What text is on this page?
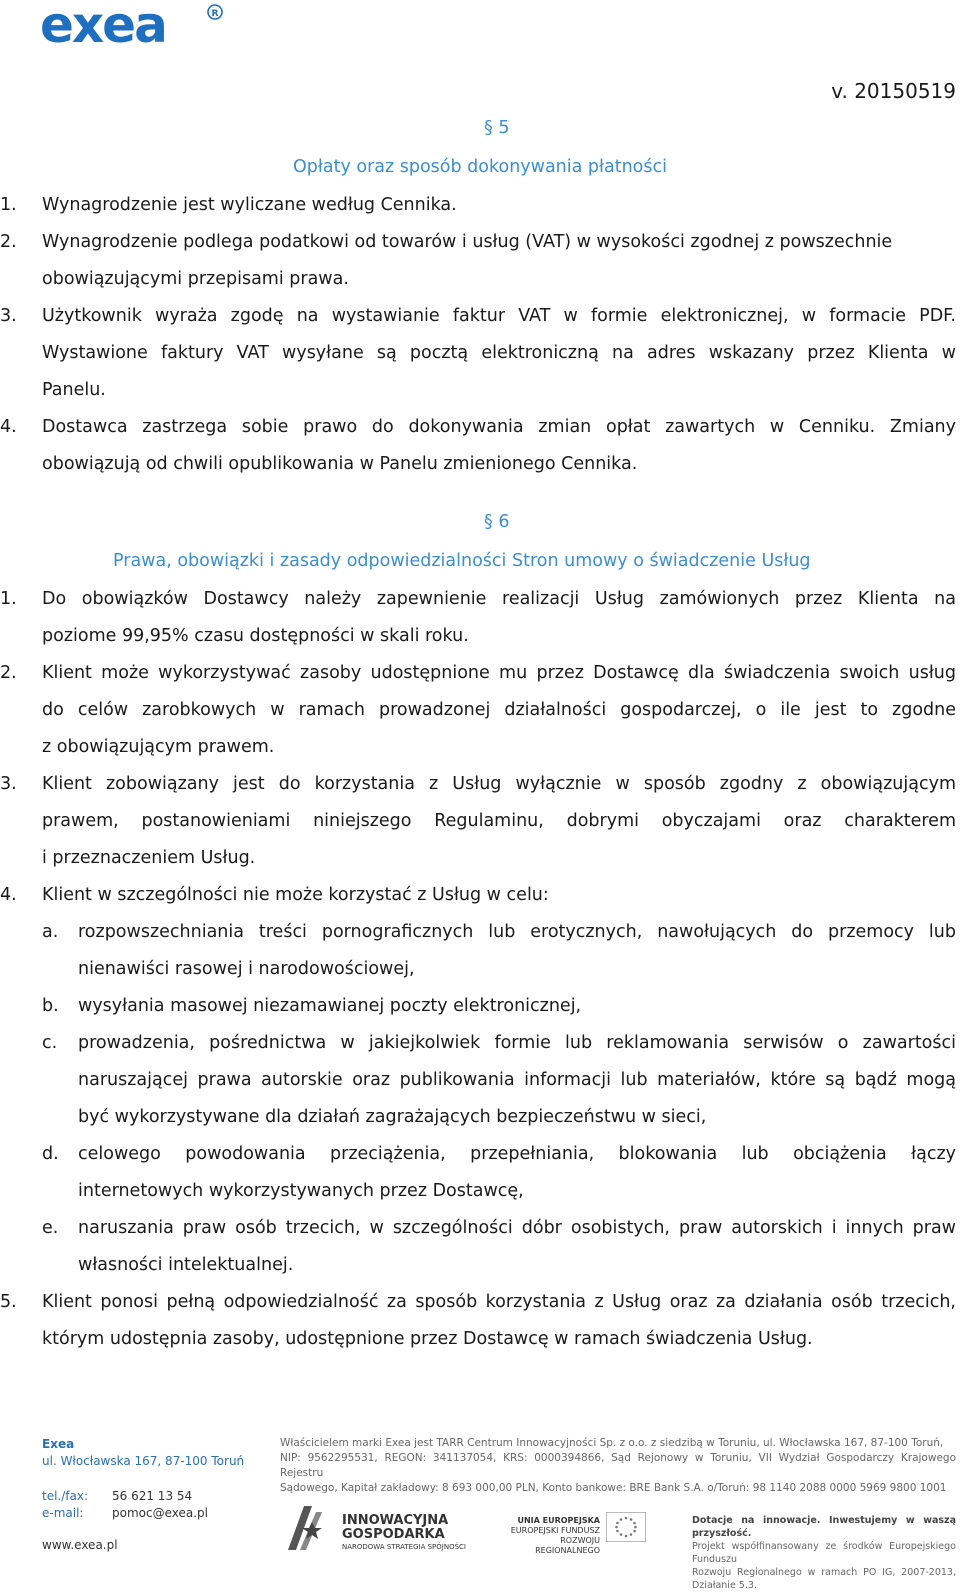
exea	R
v. 20150519
§ 5
Opłaty oraz sposób dokonywania płatności
1. Wynagrodzenie jest wyliczane według Cennika.
2. Wynagrodzenie podlega podatkowi od towarów i usług (VAT) w wysokości zgodnej z powszechnie
obowiązującymi przepisami prawa.
3. Użytkownik wyraża zgodę na wystawianie faktur VAT w formie elektronicznej, w formacie PDF.
Wystawione faktury VAT wysyłane są pocztą elektroniczną na adres wskazany przez Klienta w
Panelu.
4. Dostawca zastrzega sobie prawo do dokonywania zmian opłat zawartych w Cenniku. Zmiany
obowiązują od chwili opublikowania w Panelu zmienionego Cennika.
§ 6
Prawa, obowiązki i zasady odpowiedzialności Stron umowy o świadczenie Usług
1. Do obowiązków Dostawcy należy zapewnienie realizacji Usług zamówionych przez Klienta na
poziome 99,95% czasu dostępności w skali roku.
2. Klient może wykorzystywać zasoby udostępnione mu przez Dostawcę dla świadczenia swoich usług
do celów zarobkowych w ramach prowadzonej działalności gospodarczej, o ile jest to zgodne
z obowiązującym prawem.
3. Klient zobowiązany jest do korzystania z Usług wyłącznie w sposób zgodny z obowiązującym
prawem, postanowieniami niniejszego Regulaminu, dobrymi obyczajami oraz charakterem
i przeznaczeniem Usług.
4. Klient w szczególności nie może korzystać z Usług w celu:
a. rozpowszechniania treści pornograficznych lub erotycznych, nawołujących do przemocy lub
nienawiści rasowej i narodowościowej,
b. wysyłania masowej niezamawianej poczty elektronicznej,
c. prowadzenia, pośrednictwa w jakiejkolwiek formie lub reklamowania serwisów o zawartości
naruszającej prawa autorskie oraz publikowania informacji lub materiałów, które są bądź mogą
być wykorzystywane dla działań zagrażających bezpieczeństwu w sieci,
d. celowego powodowania przeciążenia, przepełniania, blokowania lub obciążenia łączy
internetowych wykorzystywanych przez Dostawcę,
e. naruszania praw osób trzecich, w szczególności dóbr osobistych, praw autorskich i innych praw
własności intelektualnej.
5. Klient ponosi pełną odpowiedzialność za sposób korzystania z Usług oraz za działania osób trzecich,
którym udostępnia zasoby, udostępnione przez Dostawcę w ramach świadczenia Usług.
Exea
ul. Włocławska 167, 87-100 Toruń
tel./fax: 56 621 13 54
e-mail: pomoc@exea.pl
www.exea.pl
Właścicielem marki Exea jest TARR Centrum Innowacyjności Sp. z o.o. z siedzibą w Toruniu, ul. Włocławska 167, 87-100 Toruń,
NIP: 9562295531, REGON: 341137054, KRS: 0000394866, Sąd Rejonowy w Toruniu, VII Wydział Gospodarczy Krajowego Rejestru
Sądowego, Kapitał zakładowy: 8 693 000,00 PLN, Konto bankowe: BRE Bank S.A. o/Toruń: 98 1140 2088 0000 5969 9800 1001
INNOWACYJNA
GOSPODARKA
NARODOWA STRATEGIA SPÓJNOŚCI
UNIA EUROPEJSKA
EUROPEJSKI FUNDUSZ
ROZWOJU REGIONALNEGO
Dotacje na innowacje. Inwestujemy w waszą przyszłość.
Projekt współfinansowany ze środków Europejskiego Funduszu
Rozwoju Regionalnego w ramach PO IG, 2007-2013, Działanie 5.3.
